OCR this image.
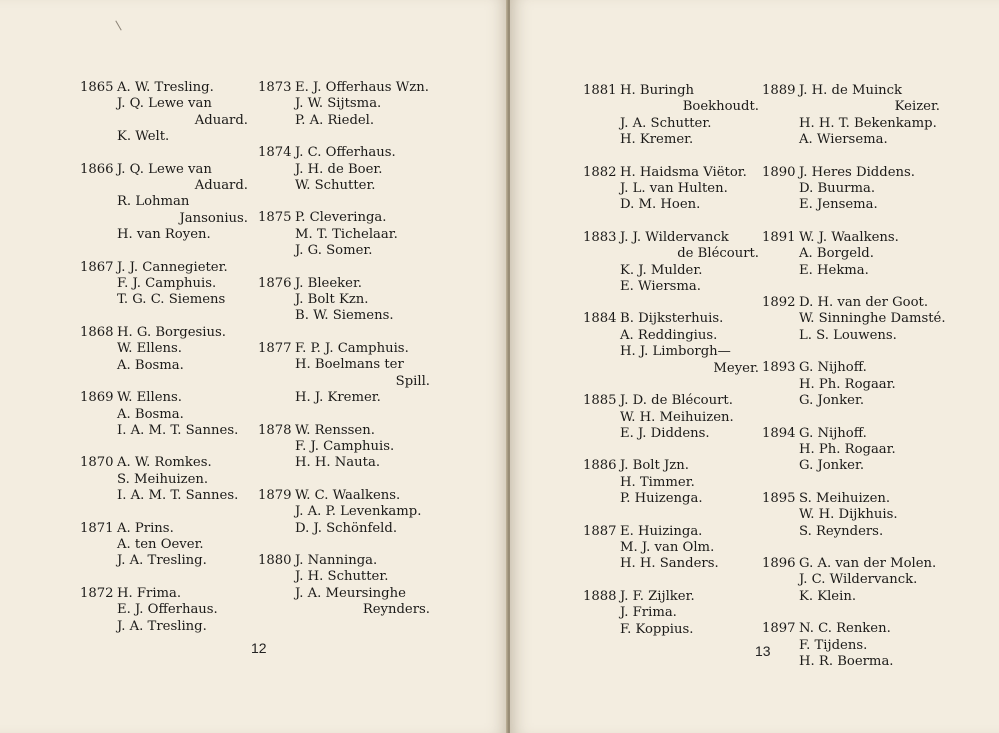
1865 A. W. Tresling.
J. Q. Lewe van
Aduard.
K. Welt.
1866 J. Q. Lewe van
Aduard.
R. Lohman
Jansonius.
H. van Royen.
1867 J. J. Cannegieter.
F. J. Camphuis.
T. G. C. Siemens
1868 H. G. Borgesius.
W. Ellens.
A. Bosma.
1869 W. Ellens.
A. Bosma.
I. A. M. T. Sannes.
1870 A. W. Romkes.
S. Meihuizen.
I. A. M. T. Sannes.
1871 A. Prins.
A. ten Oever.
J. A. Tresling.
1872 H. Frima.
E. J. Offerhaus.
J. A. Tresling.
1873 E. J. Offerhaus Wzn.
J. W. Sijtsma.
P. A. Riedel.
1874 J. C. Offerhaus.
J. H. de Boer.
W. Schutter.
1875 P. Cleveringa.
M. T. Tichelaar.
J. G. Somer.
1876 J. Bleeker.
J. Bolt Kzn.
B. W. Siemens.
1877 F. P. J. Camphuis.
H. Boelmans ter
Spill.
H. J. Kremer.
1878 W. Renssen.
F. J. Camphuis.
H. H. Nauta.
1879 W. C. Waalkens.
J. A. P. Levenkamp.
D. J. Schönfeld.
1880 J. Nanninga.
J. H. Schutter.
J. A. Meursinghe
Reynders.
12
1881 H. Buringh
Boekhoudt.
J. A. Schutter.
H. Kremer.
1882 H. Haidsma Viëtor.
J. L. van Hulten.
D. M. Hoen.
1883 J. J. Wildervanck
de Blécourt.
K. J. Mulder.
E. Wiersma.
1884 B. Dijksterhuis.
A. Reddingius.
H. J. Limborgh—
Meyer.
1885 J. D. de Blécourt.
W. H. Meihuizen.
E. J. Diddens.
1886 J. Bolt Jzn.
H. Timmer.
P. Huizenga.
1887 E. Huizinga.
M. J. van Olm.
H. H. Sanders.
1888 J. F. Zijlker.
J. Frima.
F. Koppius.
1889 J. H. de Muinck
Keizer.
H. H. T. Bekenkamp.
A. Wiersema.
1890 J. Heres Diddens.
D. Buurma.
E. Jensema.
1891 W. J. Waalkens.
A. Borgeld.
E. Hekma.
1892 D. H. van der Goot.
W. Sinninghe Damsté.
L. S. Louwens.
1893 G. Nijhoff.
H. Ph. Rogaar.
G. Jonker.
1894 G. Nijhoff.
H. Ph. Rogaar.
G. Jonker.
1895 S. Meihuizen.
W. H. Dijkhuis.
S. Reynders.
1896 G. A. van der Molen.
J. C. Wildervanck.
K. Klein.
1897 N. C. Renken.
F. Tijdens.
H. R. Boerma.
13
